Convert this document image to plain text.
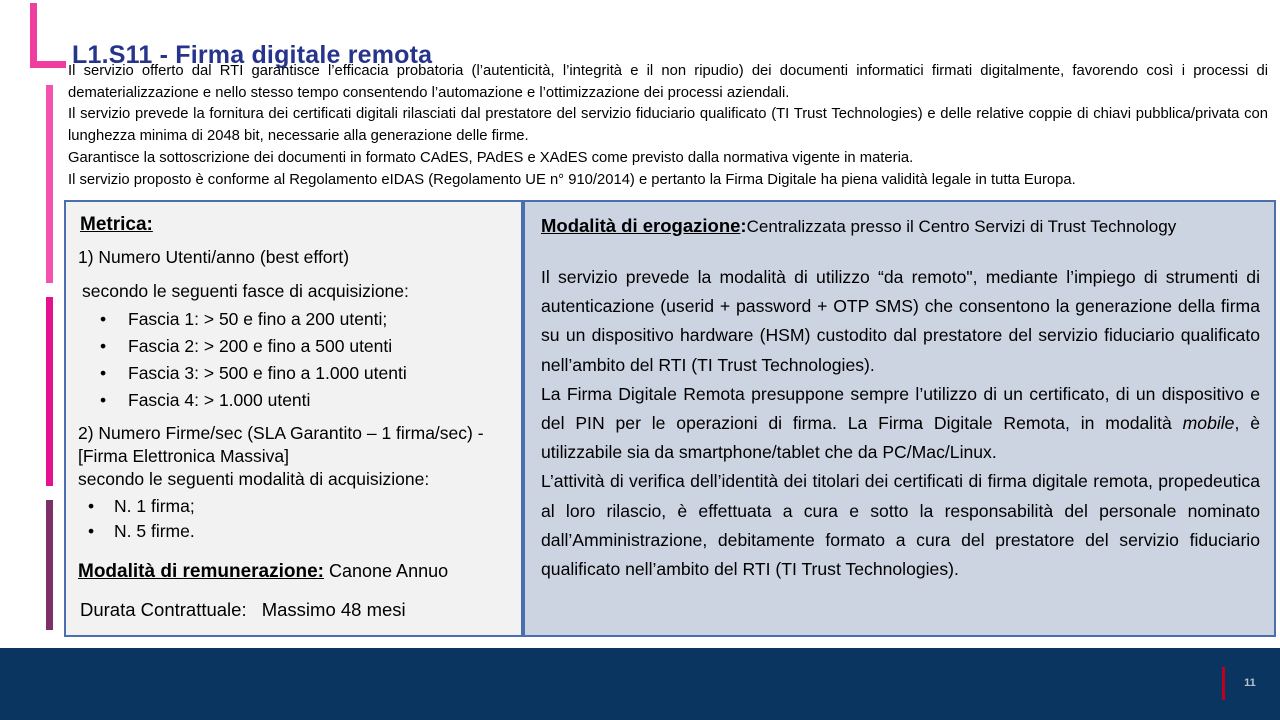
L1.S11 - Firma digitale remota

Il servizio offerto dal RTI garantisce l’efficacia probatoria (l’autenticità, l’integrità e il non ripudio) dei documenti informatici firmati digitalmente, favorendo così i processi di dematerializzazione e nello stesso tempo consentendo l’automazione e l’ottimizzazione dei processi aziendali.

Il servizio prevede la fornitura dei certificati digitali rilasciati dal prestatore del servizio fiduciario qualificato (TI Trust Technologies) e delle relative coppie di chiavi pubblica/privata con lunghezza minima di 2048 bit, necessarie alla generazione delle firme.

Garantisce la sottoscrizione dei documenti in formato CAdES, PAdES e XAdES come previsto dalla normativa vigente in materia.

Il servizio proposto è conforme al Regolamento eIDAS (Regolamento UE n° 910/2014) e pertanto la Firma Digitale ha piena validità legale in tutta Europa.

Metrica:
1) Numero Utenti/anno (best effort)
secondo le seguenti fasce di acquisizione:
• Fascia 1: > 50 e fino a 200 utenti;
• Fascia 2: > 200 e fino a 500 utenti
• Fascia 3: > 500 e fino a 1.000 utenti
• Fascia 4: > 1.000 utenti
2) Numero Firme/sec (SLA Garantito – 1 firma/sec) - [Firma Elettronica Massiva]
secondo le seguenti modalità di acquisizione:
• N. 1 firma;
• N. 5 firme.
Modalità di remunerazione: Canone Annuo
Durata Contrattuale: Massimo 48 mesi
Modalità di erogazione:Centralizzata presso il Centro Servizi di Trust Technology

Il servizio prevede la modalità di utilizzo “da remoto", mediante l’impiego di strumenti di autenticazione (userid + password + OTP SMS) che consentono la generazione della firma su un dispositivo hardware (HSM) custodito dal prestatore del servizio fiduciario qualificato nell’ambito del RTI (TI Trust Technologies).

La Firma Digitale Remota presuppone sempre l’utilizzo di un certificato, di un dispositivo e del PIN per le operazioni di firma. La Firma Digitale Remota, in modalità mobile, è utilizzabile sia da smartphone/tablet che da PC/Mac/Linux.

L’attività di verifica dell’identità dei titolari dei certificati di firma digitale remota, propedeutica al loro rilascio, è effettuata a cura e sotto la responsabilità del personale nominato dall’Amministrazione, debitamente formato a cura del prestatore del servizio fiduciario qualificato nell’ambito del RTI (TI Trust Technologies).

11
